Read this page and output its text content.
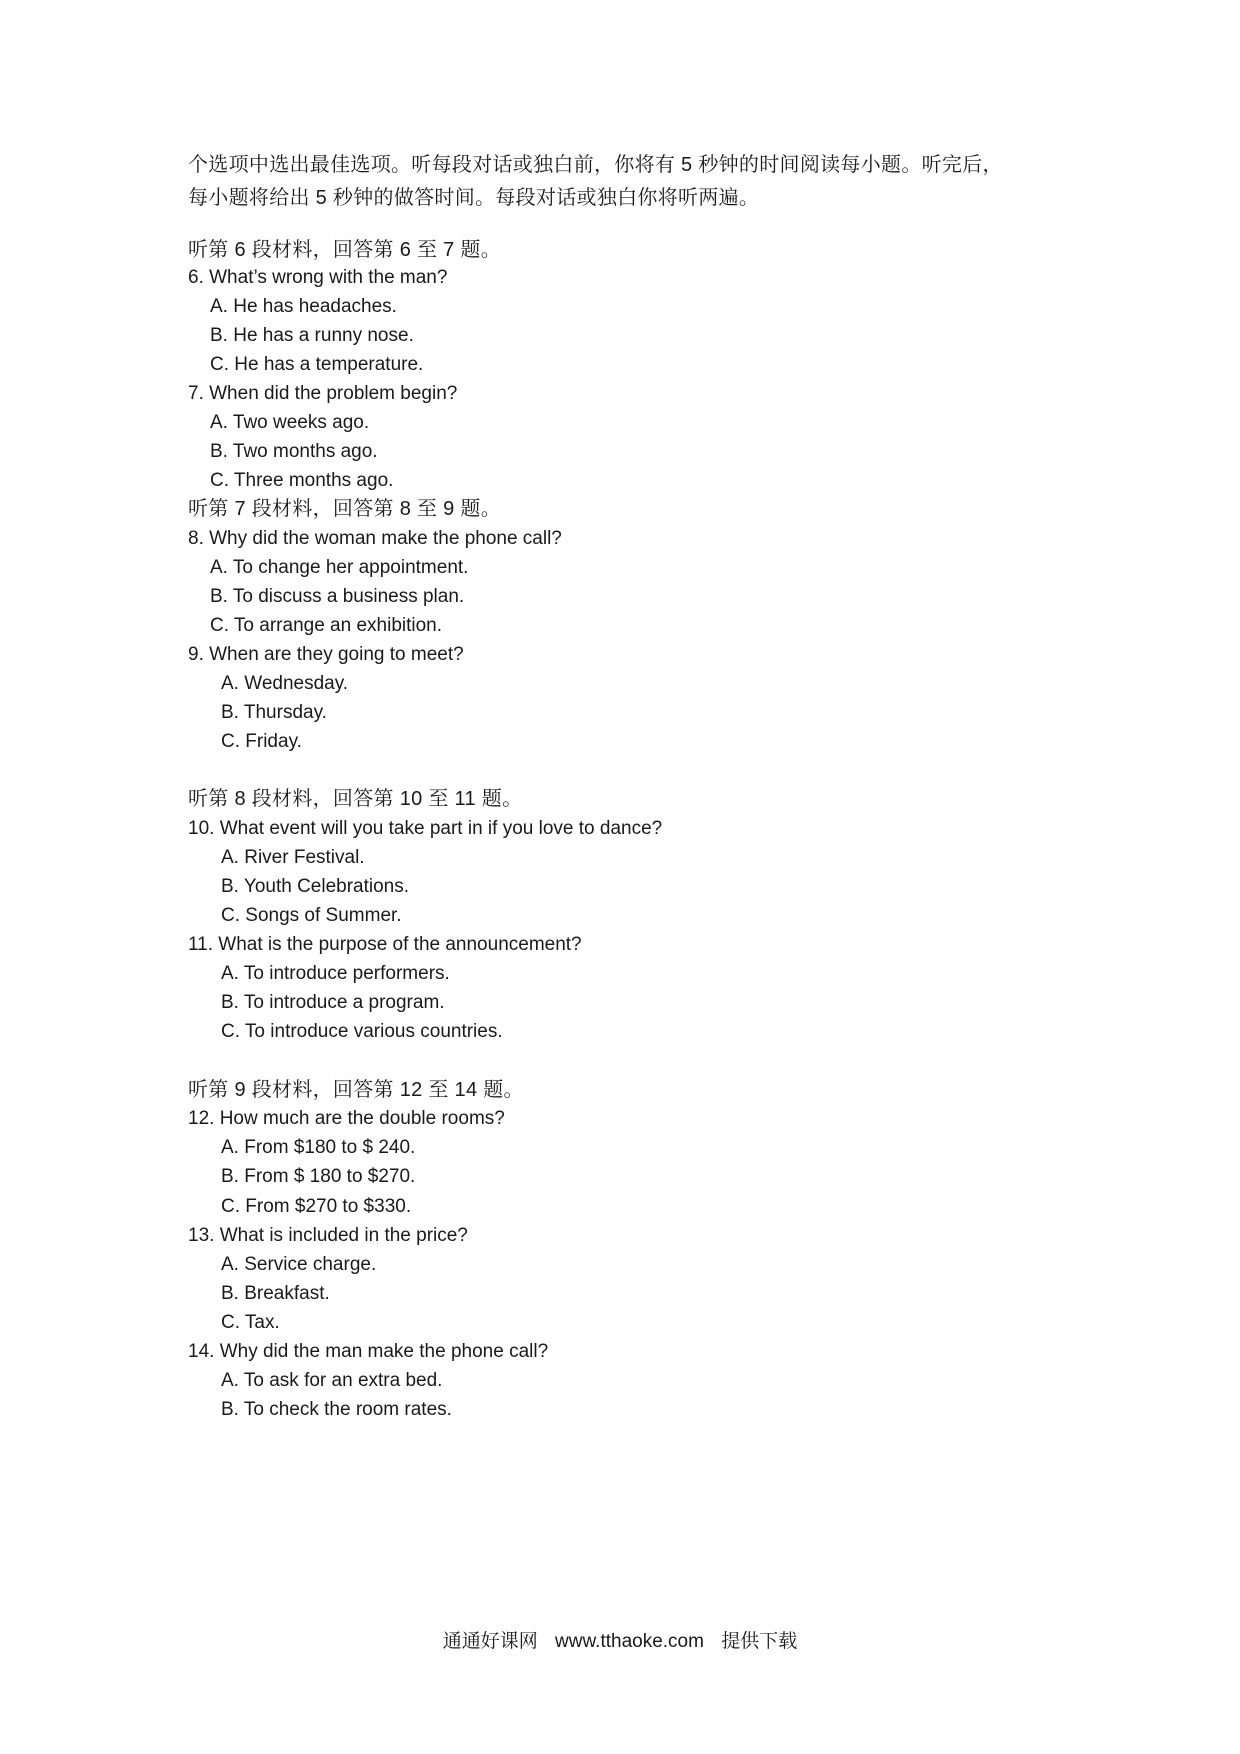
个选项中选出最佳选项。听每段对话或独白前，你将有 5 秒钟的时间阅读每小题。听完后，
每小题将给出 5 秒钟的做答时间。每段对话或独白你将听两遍。
听第 6 段材料，回答第 6 至 7 题。
6. What’s wrong with the man?
A. He has headaches.
B. He has a runny nose.
C. He has a temperature.
7. When did the problem begin?
A. Two weeks ago.
B. Two months ago.
C. Three months ago.
听第 7 段材料，回答第 8 至 9 题。
8. Why did the woman make the phone call?
A. To change her appointment.
B. To discuss a business plan.
C. To arrange an exhibition.
9. When are they going to meet?
A. Wednesday.
B. Thursday.
C. Friday.
听第 8 段材料，回答第 10 至 11 题。
10. What event will you take part in if you love to dance?
A. River Festival.
B. Youth Celebrations.
C. Songs of Summer.
11. What is the purpose of the announcement?
A. To introduce performers.
B. To introduce a program.
C. To introduce various countries.
听第 9 段材料，回答第 12 至 14 题。
12. How much are the double rooms?
A. From $180 to $ 240.
B. From $ 180 to $270.
C. From $270 to $330.
13. What is included in the price?
A. Service charge.
B. Breakfast.
C. Tax.
14. Why did the man make the phone call?
A. To ask for an extra bed.
B. To check the room rates.
通通好课网 www.tthaoke.com 提供下载
